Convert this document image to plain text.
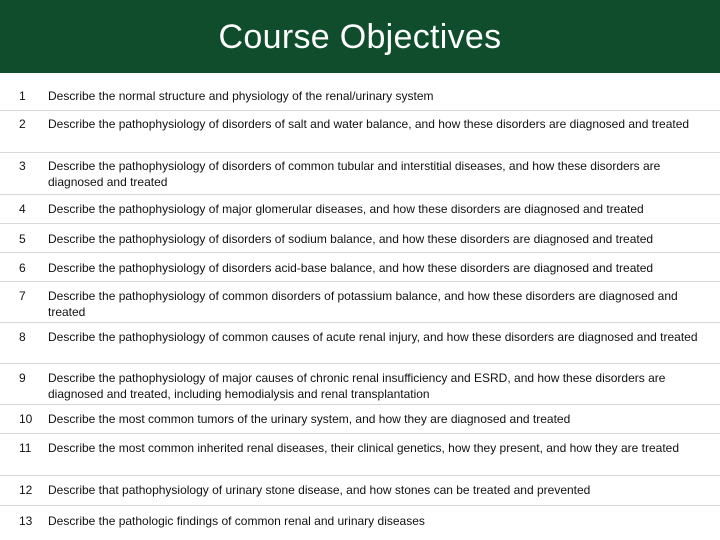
Course Objectives
1 Describe the normal structure and physiology of the renal/urinary system
2 Describe the pathophysiology of disorders of salt and water balance, and how these disorders are diagnosed and treated
3 Describe the pathophysiology of disorders of common tubular and interstitial diseases, and how these disorders are diagnosed and treated
4 Describe the pathophysiology of major glomerular diseases, and how these disorders are diagnosed and treated
5 Describe the pathophysiology of disorders of sodium balance, and how these disorders are diagnosed and treated
6 Describe the pathophysiology of disorders acid-base balance, and how these disorders are diagnosed and treated
7 Describe the pathophysiology of common disorders of potassium balance, and how these disorders are diagnosed and treated
8 Describe the pathophysiology of common causes of acute renal injury, and how these disorders are diagnosed and treated
9 Describe the pathophysiology of major causes of chronic renal insufficiency and ESRD, and how these disorders are diagnosed and treated, including hemodialysis and renal transplantation
10 Describe the most common tumors of the urinary system, and how they are diagnosed and treated
11 Describe the most common inherited renal diseases, their clinical genetics, how they present, and how they are treated
12 Describe that pathophysiology of urinary stone disease, and how stones can be treated and prevented
13 Describe the pathologic findings of common renal and urinary diseases
